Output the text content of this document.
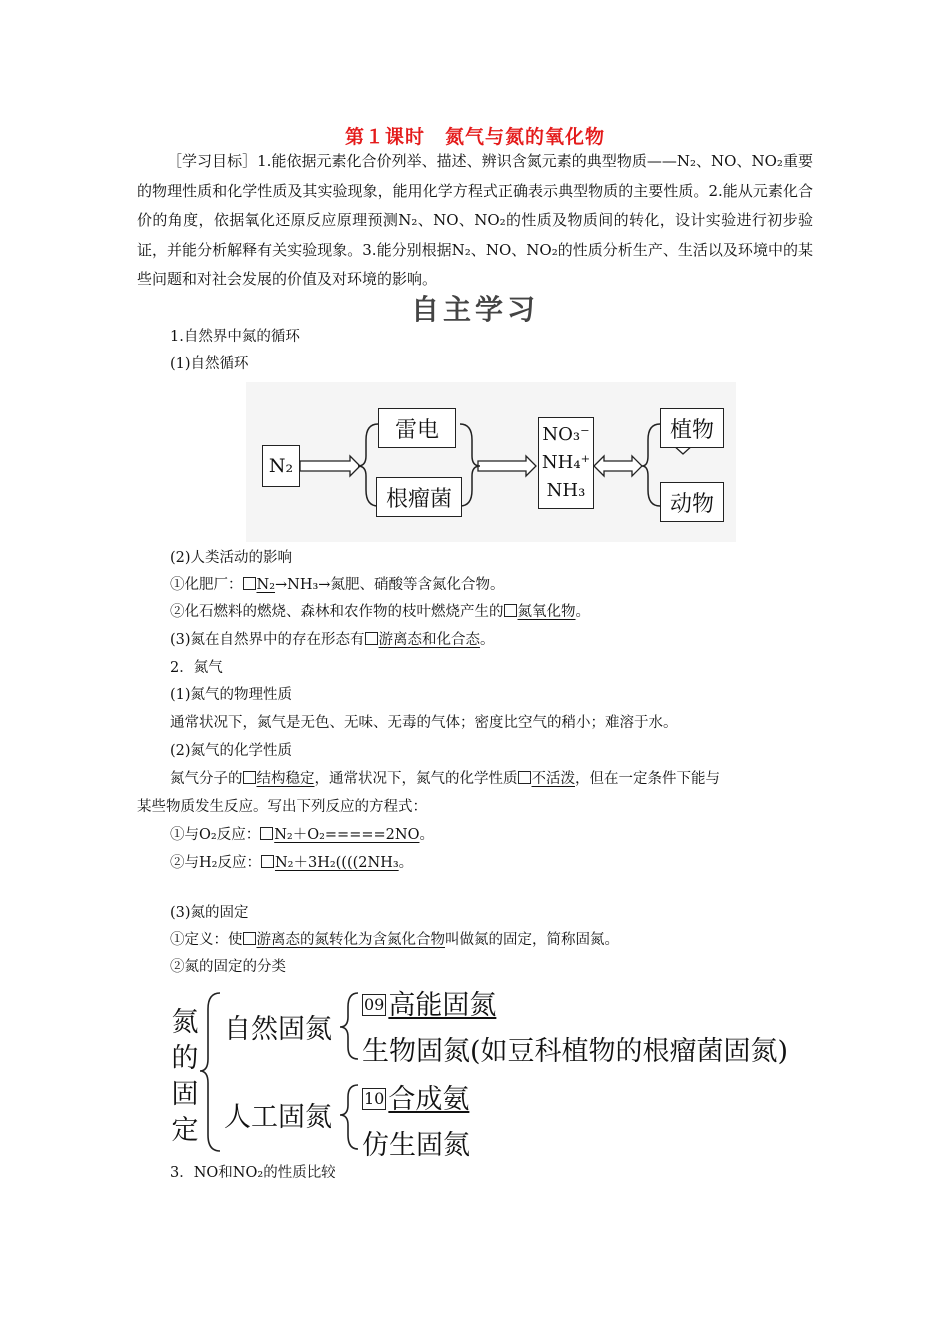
第１课时　氮气与氮的氧化物
［学习目标］1.能依据元素化合价列举、描述、辨识含氮元素的典型物质——N₂、NO、NO₂重要的物理性质和化学性质及其实验现象，能用化学方程式正确表示典型物质的主要性质。2.能从元素化合价的角度，依据氧化还原反应原理预测N₂、NO、NO₂的性质及物质间的转化，设计实验进行初步验证，并能分析解释有关实验现象。3.能分别根据N₂、NO、NO₂的性质分析生产、生活以及环境中的某些问题和对社会发展的价值及对环境的影响。
自主学习
1.自然界中氮的循环
(1)自然循环
N₂
雷电
根瘤菌
NO₃⁻
NH₄⁺
NH₃
植物
动物
(2)人类活动的影响
①化肥厂： N₂→NH₃→氮肥、硝酸等含氮化合物。
②化石燃料的燃烧、森林和农作物的枝叶燃烧产生的 氮氧化物。
(3)氮在自然界中的存在形态有 游离态和化合态。
2．氮气
(1)氮气的物理性质
通常状况下，氮气是无色、无味、无毒的气体；密度比空气的稍小；难溶于水。
(2)氮气的化学性质
氮气分子的 结构稳定，通常状况下，氮气的化学性质 不活泼，但在一定条件下能与
某些物质发生反应。写出下列反应的方程式：
①与O₂反应： N₂＋O₂=====2NO。
②与H₂反应： N₂＋3H₂((((2NH₃。
(3)氮的固定
①定义：使 游离态的氮转化为含氮化合物叫做氮的固定，简称固氮。
②氮的固定的分类
氮
的
固
定
自然固氮
人工固氮
09 高能固氮
生物固氮(如豆科植物的根瘤菌固氮)
10 合成氨
仿生固氮
3．NO和NO₂的性质比较
